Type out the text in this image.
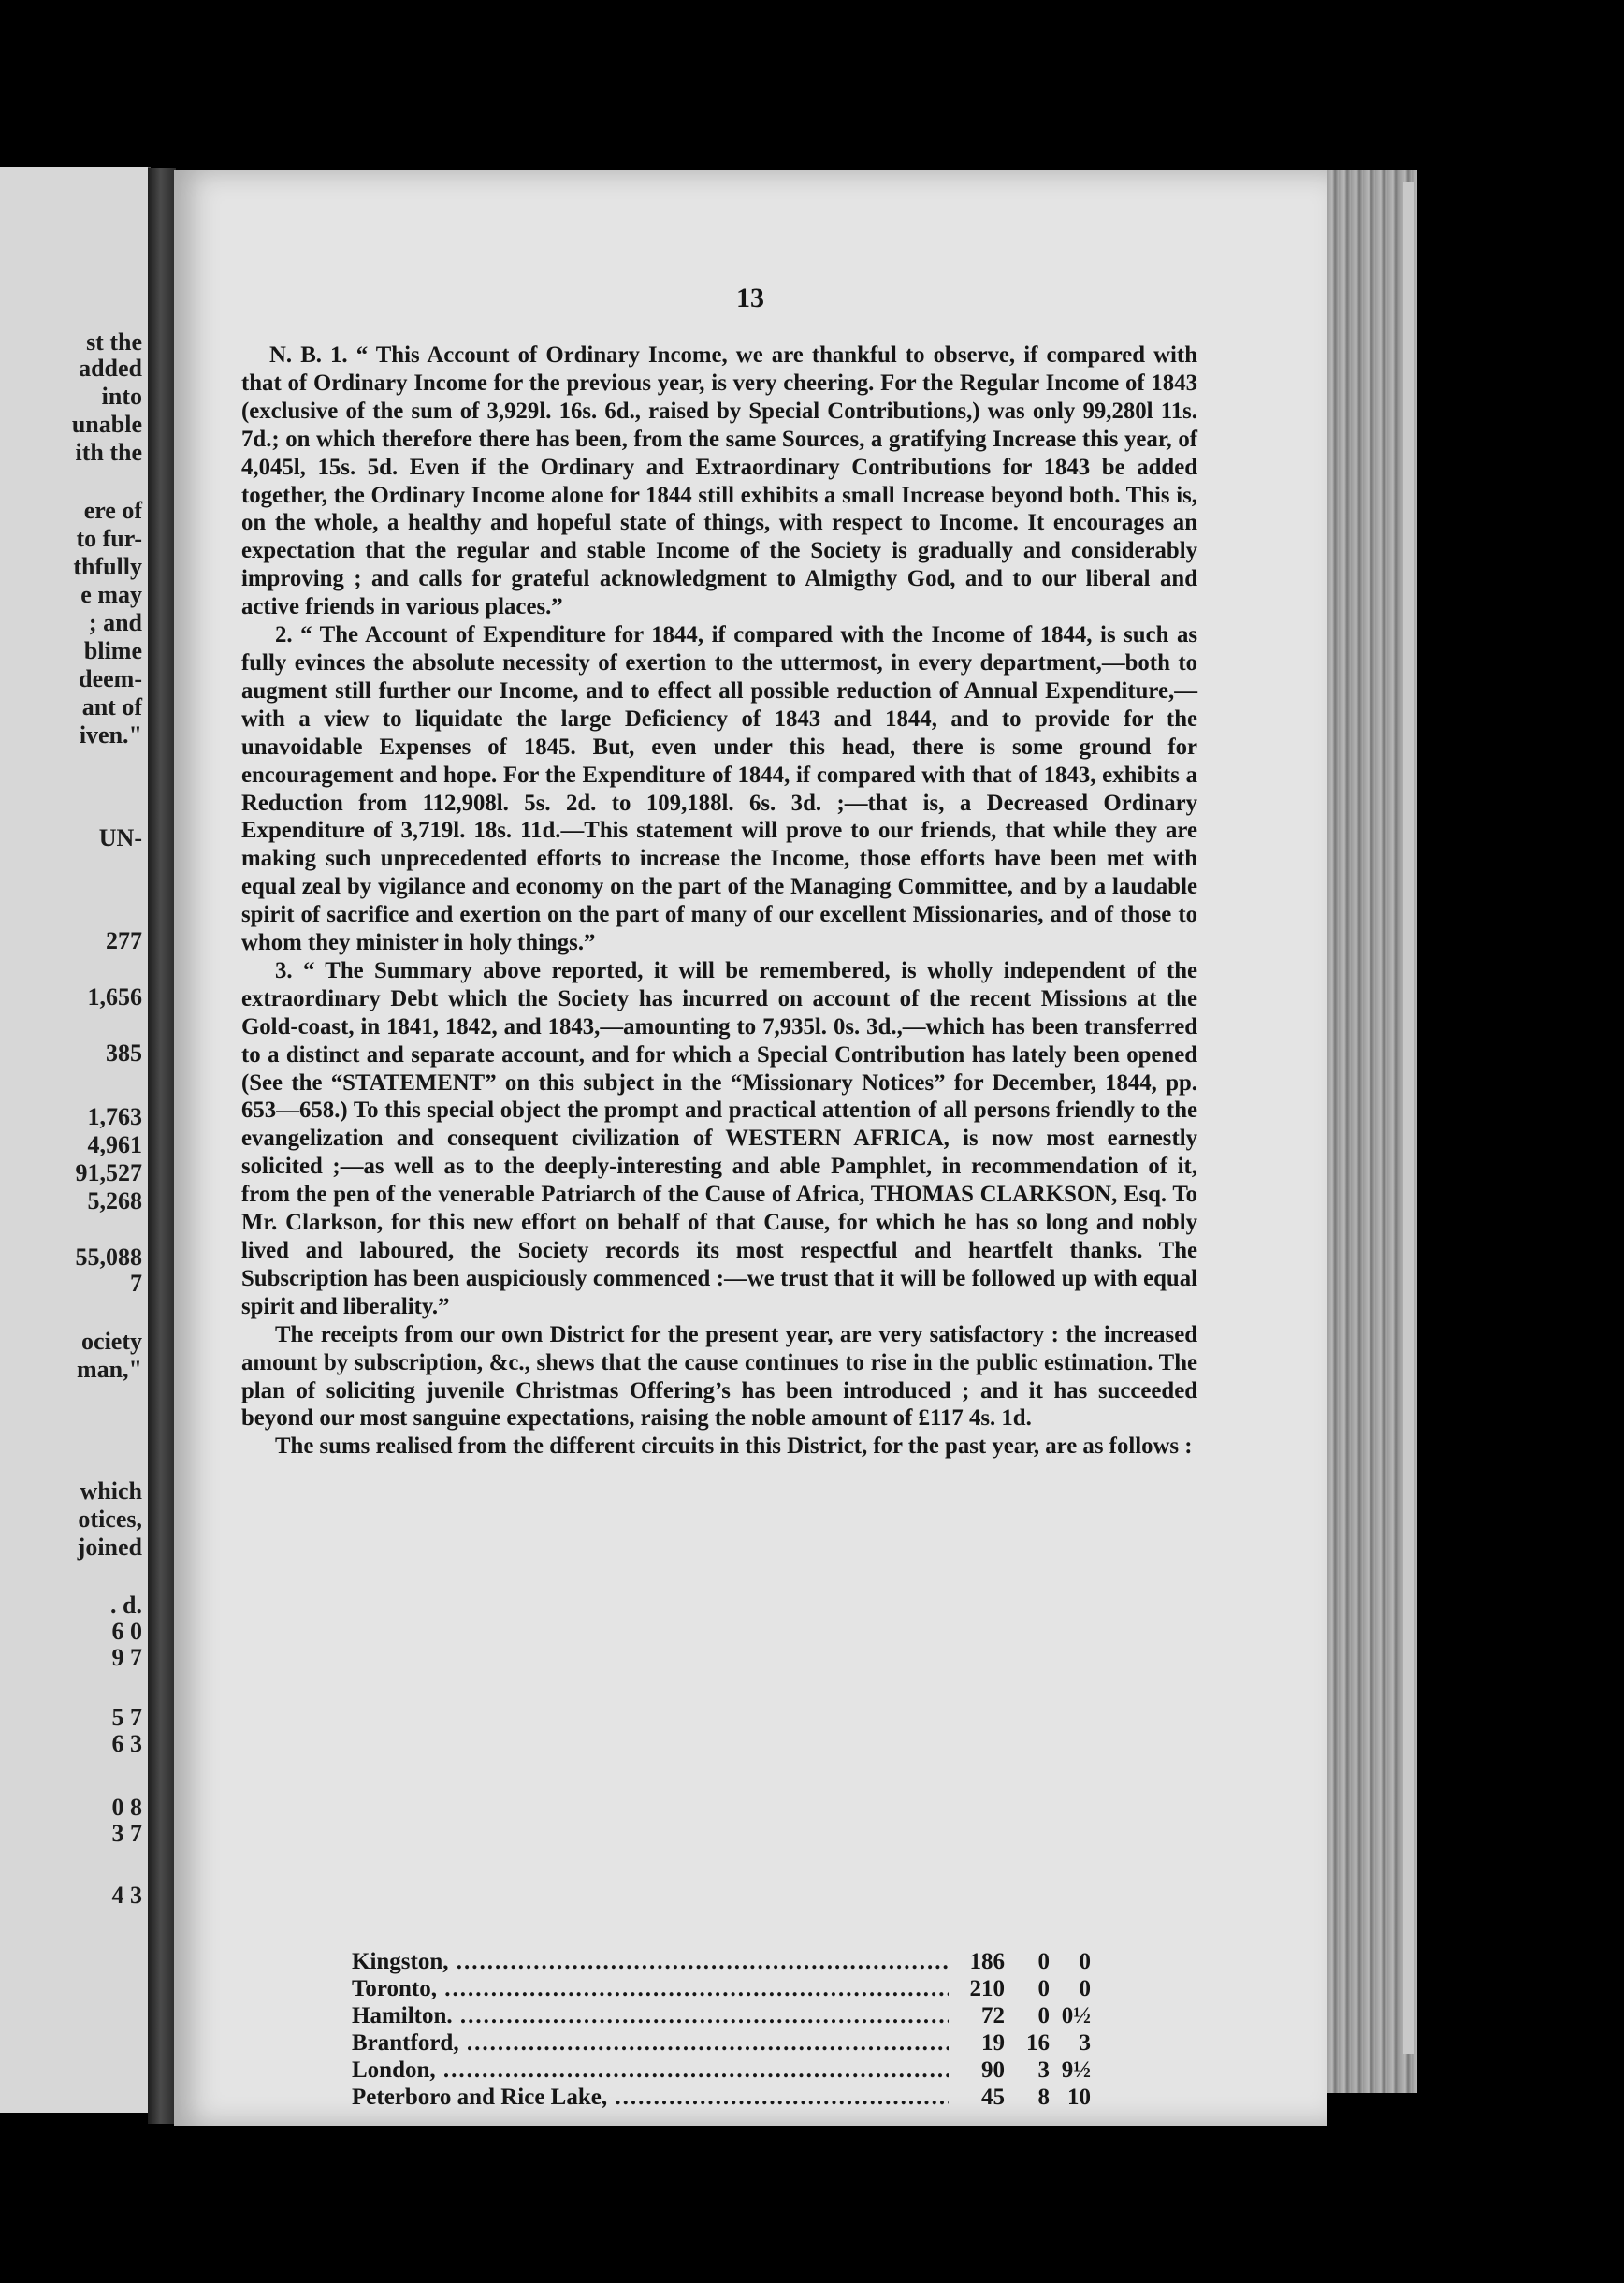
st the
added
into
unable
ith the
ere of
to fur-
thfully
e may
; and
blime
deem-
ant of
iven."
UN-
277
1,656
385
1,763
4,961
91,527
5,268
55,088
7
ociety
man,"
which
otices,
joined
. d.
6 0
9 7
5 7
6 3
0 8
3 7
4 3
13

N. B. 1. “ This Account of Ordinary Income, we are thankful to observe, if compared with that of Ordinary Income for the previous year, is very cheering. For the Regular Income of 1843 (exclusive of the sum of 3,929l. 16s. 6d., raised by Special Contributions,) was only 99,280l 11s. 7d.; on which therefore there has been, from the same Sources, a gratifying Increase this year, of 4,045l, 15s. 5d. Even if the Ordinary and Extraordinary Contributions for 1843 be added together, the Ordinary Income alone for 1844 still exhibits a small Increase beyond both. This is, on the whole, a healthy and hopeful state of things, with respect to Income. It encourages an expectation that the regular and stable Income of the Society is gradually and considerably improving ; and calls for grateful acknowledgment to Almigthy God, and to our liberal and active friends in various places.”

2. “ The Account of Expenditure for 1844, if compared with the Income of 1844, is such as fully evinces the absolute necessity of exertion to the uttermost, in every department,—both to augment still further our Income, and to effect all possible reduction of Annual Expenditure,—with a view to liquidate the large Deficiency of 1843 and 1844, and to provide for the unavoidable Expenses of 1845. But, even under this head, there is some ground for encouragement and hope. For the Expenditure of 1844, if compared with that of 1843, exhibits a Reduction from 112,908l. 5s. 2d. to 109,188l. 6s. 3d. ;—that is, a Decreased Ordinary Expenditure of 3,719l. 18s. 11d.—This statement will prove to our friends, that while they are making such unprecedented efforts to increase the Income, those efforts have been met with equal zeal by vigilance and economy on the part of the Managing Committee, and by a laudable spirit of sacrifice and exertion on the part of many of our excellent Missionaries, and of those to whom they minister in holy things.”

3. “ The Summary above reported, it will be remembered, is wholly independent of the extraordinary Debt which the Society has incurred on account of the recent Missions at the Gold-coast, in 1841, 1842, and 1843,—amounting to 7,935l. 0s. 3d.,—which has been transferred to a distinct and separate account, and for which a Special Contribution has lately been opened (See the “STATEMENT” on this subject in the “Missionary Notices” for December, 1844, pp. 653—658.) To this special object the prompt and practical attention of all persons friendly to the evangelization and consequent civilization of WESTERN AFRICA, is now most earnestly solicited ;—as well as to the deeply-interesting and able Pamphlet, in recommendation of it, from the pen of the venerable Patriarch of the Cause of Africa, THOMAS CLARKSON, Esq. To Mr. Clarkson, for this new effort on behalf of that Cause, for which he has so long and nobly lived and laboured, the Society records its most respectful and heartfelt thanks. The Subscription has been auspiciously commenced :—we trust that it will be followed up with equal spirit and liberality.”

The receipts from our own District for the present year, are very satisfactory : the increased amount by subscription, &c., shews that the cause continues to rise in the public estimation. The plan of soliciting juvenile Christmas Offering’s has been introduced ; and it has succeeded beyond our most sanguine expectations, raising the noble amount of £117 4s. 1d.

The sums realised from the different circuits in this District, for the past year, are as follows :

Kingston, .....	186	0	0
Toronto, .....	210	0	0
Hamilton. .....	72	0 0½
Brantford, .....	19 16	3
London, .....	90	3 9½
Peterboro and Rice Lake, .....	45	8 10
